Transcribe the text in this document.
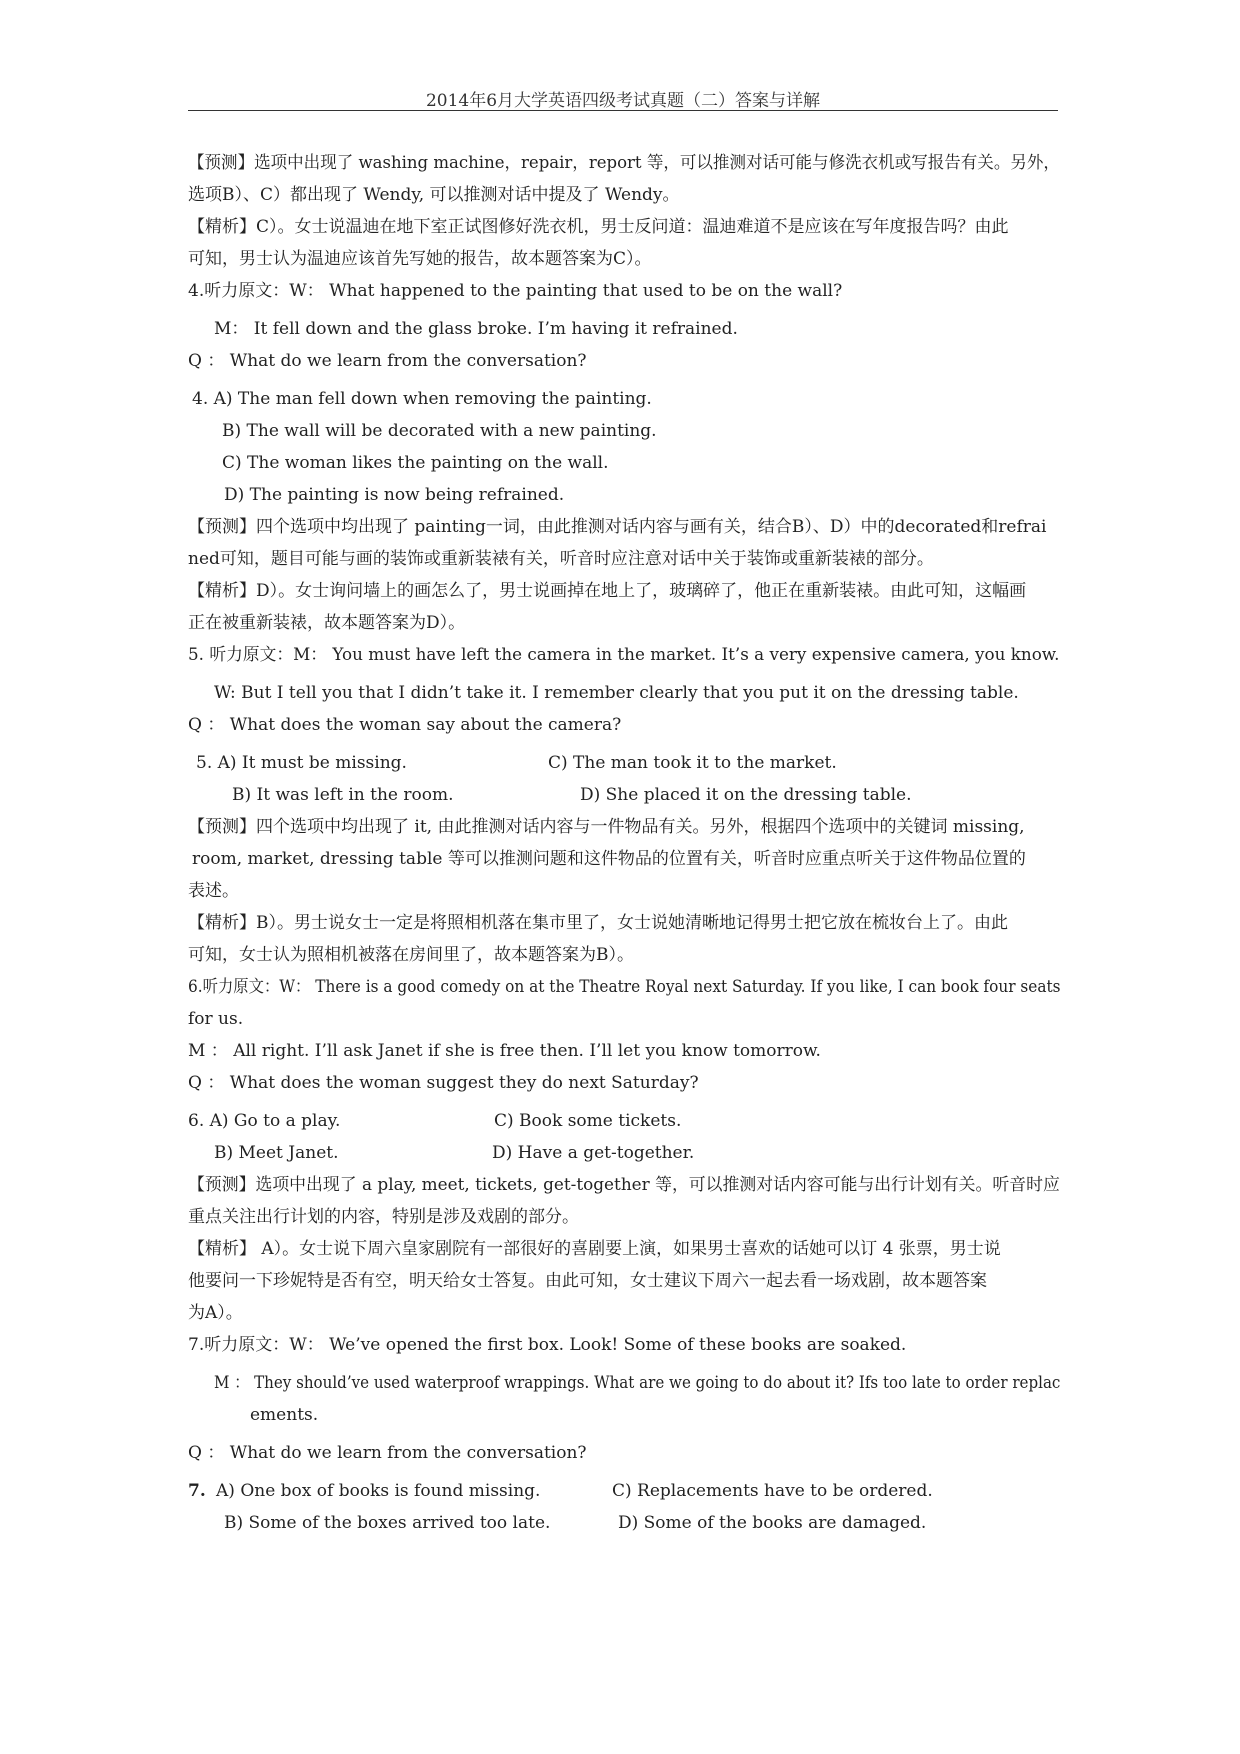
2014年6月大学英语四级考试真题（二）答案与详解
【预测】选项中出现了 washing machine，repair，report 等，可以推测对话可能与修洗衣机或写报告有关。另外，
选项B）、C）都出现了 Wendy, 可以推测对话中提及了 Wendy。
【精析】C）。女士说温迪在地下室正试图修好洗衣机，男士反问道：温迪难道不是应该在写年度报告吗？由此
可知，男士认为温迪应该首先写她的报告，故本题答案为C）。
4.听力原文：W： What happened to the painting that used to be on the wall?
M： It fell down and the glass broke. I’m having it refrained.
Q ： What do we learn from the conversation?
4. A) The man fell down when removing the painting.
B) The wall will be decorated with a new painting.
C) The woman likes the painting on the wall.
D) The painting is now being refrained.
【预测】四个选项中均出现了 painting一词，由此推测对话内容与画有关，结合B）、D）中的decorated和refrai
ned可知，题目可能与画的装饰或重新装裱有关，听音时应注意对话中关于装饰或重新装裱的部分。
【精析】D）。女士询问墙上的画怎么了，男士说画掉在地上了，玻璃碎了，他正在重新装裱。由此可知，这幅画
正在被重新装裱，故本题答案为D）。
5. 听力原文：M： You must have left the camera in the market. It’s a very expensive camera, you know.
W: But I tell you that I didn’t take it. I remember clearly that you put it on the dressing table.
Q ： What does the woman say about the camera?
5. A) It must be missing.	C) The man took it to the market.
B) It was left in the room.	D) She placed it on the dressing table.
【预测】四个选项中均出现了 it, 由此推测对话内容与一件物品有关。另外，根据四个选项中的关键词 missing,
room, market, dressing table 等可以推测问题和这件物品的位置有关，听音时应重点听关于这件物品位置的
表述。
【精析】B）。男士说女士一定是将照相机落在集市里了，女士说她清晰地记得男士把它放在梳妆台上了。由此
可知，女士认为照相机被落在房间里了，故本题答案为B）。
6.听力原文：W： There is a good comedy on at the Theatre Royal next Saturday. If you like, I can book four seats
for us.
M ： All right. I’ll ask Janet if she is free then. I’ll let you know tomorrow.
Q ： What does the woman suggest they do next Saturday?
6. A) Go to a play.	C) Book some tickets.
B) Meet Janet.	D) Have a get-together.
【预测】选项中出现了 a play, meet, tickets, get-together 等，可以推测对话内容可能与出行计划有关。听音时应
重点关注出行计划的内容，特别是涉及戏剧的部分。
【精析】 A）。女士说下周六皇家剧院有一部很好的喜剧要上演，如果男士喜欢的话她可以订 4 张票，男士说
他要问一下珍妮特是否有空，明天给女士答复。由此可知，女士建议下周六一起去看一场戏剧，故本题答案
为A）。
7.听力原文：W： We’ve opened the first box. Look! Some of these books are soaked.
M ： They should’ve used waterproof wrappings. What are we going to do about it? Ifs too late to order replac
ements.
Q ： What do we learn from the conversation?
7. A) One box of books is found missing.	C) Replacements have to be ordered.
B) Some of the boxes arrived too late.	D) Some of the books are damaged.
